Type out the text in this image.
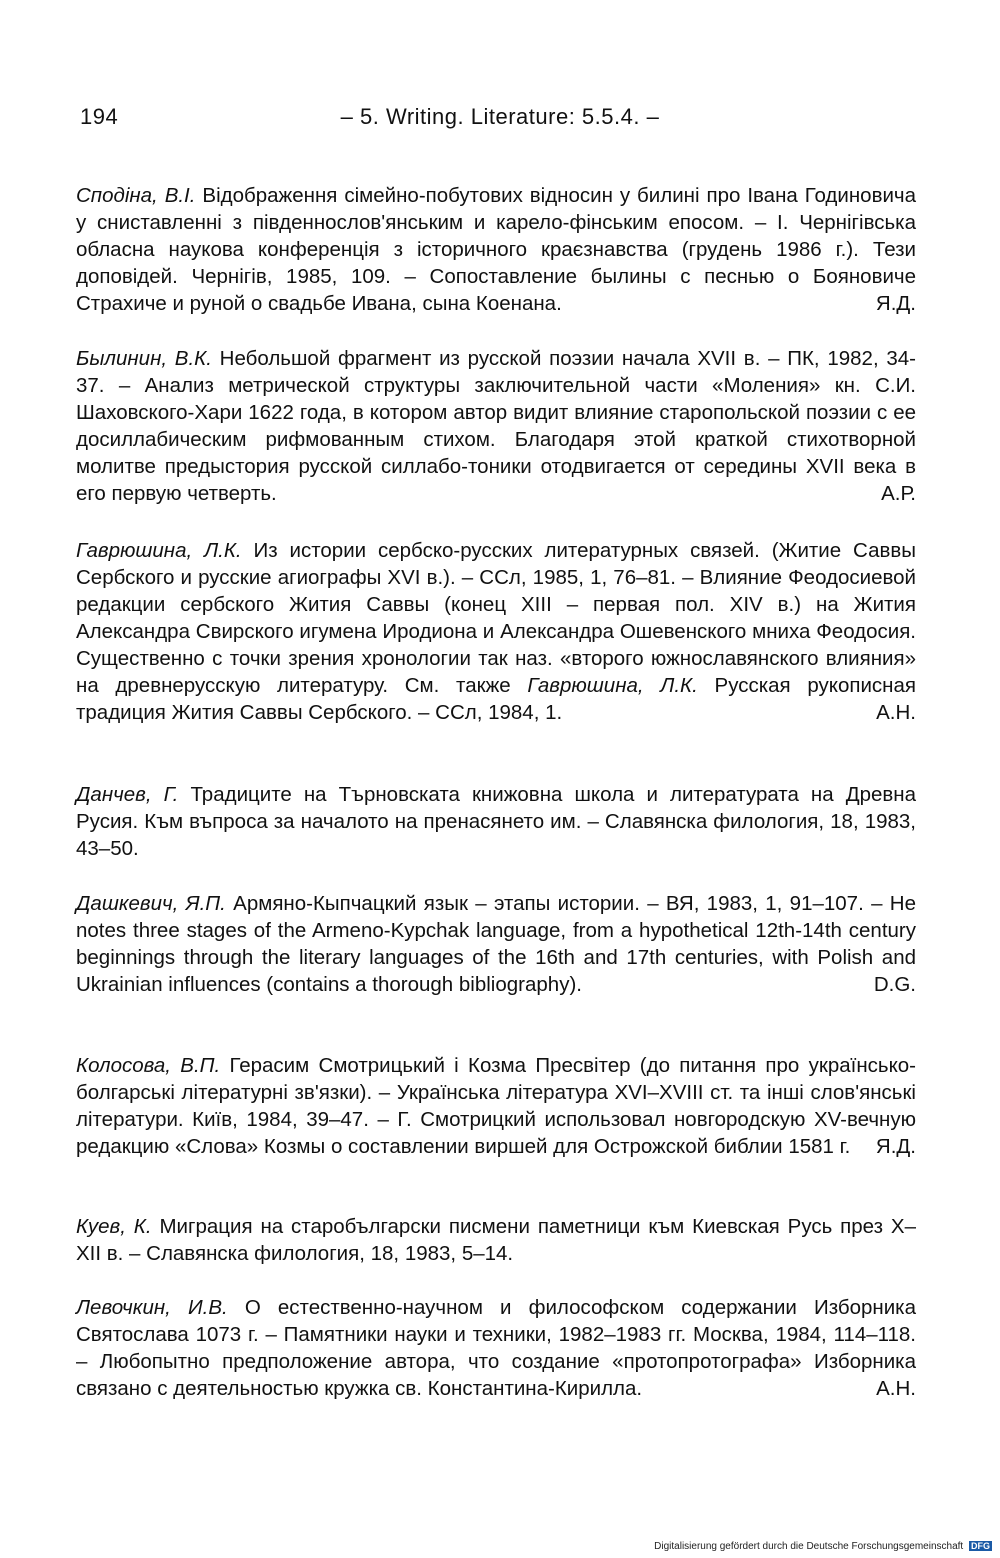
194	– 5. Writing. Literature: 5.5.4. –
Сподіна, В.І. Відображення сімейно-побутових відносин у билині про Івана Годиновича у сниставленні з південнослов'янським и карело-фінським епосом. – І. Чернігівська обласна наукова конференція з історичного краєзнавства (грудень 1986 г.). Тези доповідей. Чернігів, 1985, 109. – Сопоставление былины с песнью о Бояновиче Страхиче и руной о свадьбе Ивана, сына Коенана.	Я.Д.
Былинин, В.К. Небольшой фрагмент из русской поэзии начала XVII в. – ПК, 1982, 34-37. – Анализ метрической структуры заключительной части «Моления» кн. С.И. Шаховского-Хари 1622 года, в котором автор видит влияние старопольской поэзии с ее досиллабическим рифмованным стихом. Благодаря этой краткой стихотворной молитве предыстория русской силлабо-тоники отодвигается от середины XVII века в его первую четверть.	А.Р.
Гаврюшина, Л.К. Из истории сербско-русских литературных связей. (Житие Саввы Сербского и русские агиографы XVI в.). – ССл, 1985, 1, 76–81. – Влияние Феодосиевой редакции сербского Жития Саввы (конец XIII – первая пол. XIV в.) на Жития Александра Свирского игумена Иродиона и Александра Ошевенского мниха Феодосия. Существенно с точки зрения хронологии так наз. «второго южнославянского влияния» на древнерусскую литературу. См. также Гаврюшина, Л.К. Русская рукописная традиция Жития Саввы Сербского. – ССл, 1984, 1.	А.Н.
Данчев, Г. Традиците на Търновската книжовна школа и литературата на Древна Русия. Към въпроса за началото на пренасянето им. – Славянска филология, 18, 1983, 43–50.
Дашкевич, Я.П. Армяно-Кыпчацкий язык – этапы истории. – ВЯ, 1983, 1, 91–107. – He notes three stages of the Armeno-Kypchak language, from a hypothetical 12th-14th century beginnings through the literary languages of the 16th and 17th centuries, with Polish and Ukrainian influences (contains a thorough bibliography).	D.G.
Колосова, В.П. Герасим Смотрицький і Козма Пресвітер (до питання про українсько-болгарські літературні зв'язки). – Українська література XVI–XVIII ст. та інші слов'янські літератури. Київ, 1984, 39–47. – Г. Смотрицкий использовал новгородскую XV-вечную редакцию «Слова» Козмы о составлении виршей для Острожской библии 1581 г. Я.Д.
Куев, К. Миграция на старобългарски писмени паметници към Киевская Русь през X–XII в. – Славянска филология, 18, 1983, 5–14.
Левочкин, И.В. О естественно-научном и философском содержании Изборника Святослава 1073 г. – Памятники науки и техники, 1982–1983 гг. Москва, 1984, 114–118. – Любопытно предположение автора, что создание «протопротографа» Изборника связано с деятельностью кружка св. Константина-Кирилла.	А.Н.
Digitalisierung gefördert durch die Deutsche Forschungsgemeinschaft DFG
